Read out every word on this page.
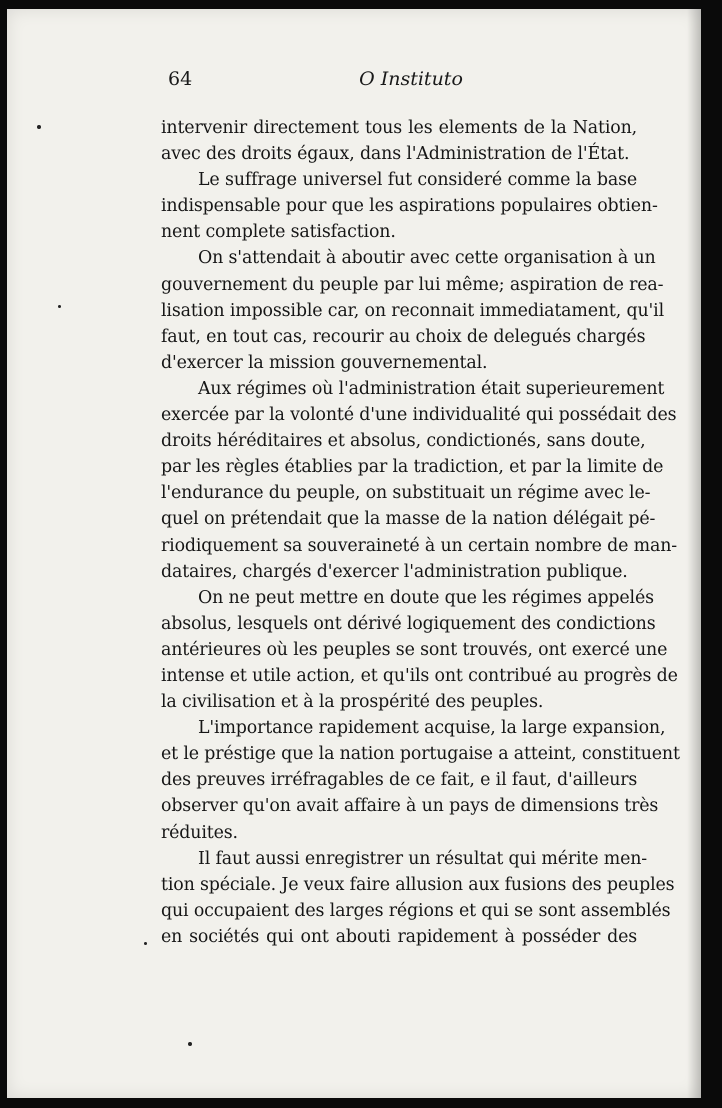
64	O Instituto
intervenir directement tous les elements de la Nation,
avec des droits égaux, dans l'Administration de l'État.
Le suffrage universel fut consideré comme la base
indispensable pour que les aspirations populaires obtien-
nent complete satisfaction.
On s'attendait à aboutir avec cette organisation à un
gouvernement du peuple par lui même; aspiration de rea-
lisation impossible car, on reconnait immediatament, qu'il
faut, en tout cas, recourir au choix de delegués chargés
d'exercer la mission gouvernemental.
Aux régimes où l'administration était superieurement
exercée par la volonté d'une individualité qui possédait des
droits héréditaires et absolus, condictionés, sans doute,
par les règles établies par la tradiction, et par la limite de
l'endurance du peuple, on substituait un régime avec le-
quel on prétendait que la masse de la nation délégait pé-
riodiquement sa souveraineté à un certain nombre de man-
dataires, chargés d'exercer l'administration publique.
On ne peut mettre en doute que les régimes appelés
absolus, lesquels ont dérivé logiquement des condictions
antérieures où les peuples se sont trouvés, ont exercé une
intense et utile action, et qu'ils ont contribué au progrès de
la civilisation et à la prospérité des peuples.
L'importance rapidement acquise, la large expansion,
et le préstige que la nation portugaise a atteint, constituent
des preuves irréfragables de ce fait, e il faut, d'ailleurs
observer qu'on avait affaire à un pays de dimensions très
réduites.
Il faut aussi enregistrer un résultat qui mérite men-
tion spéciale. Je veux faire allusion aux fusions des peuples
qui occupaient des larges régions et qui se sont assemblés
en sociétés qui ont abouti rapidement à posséder des
